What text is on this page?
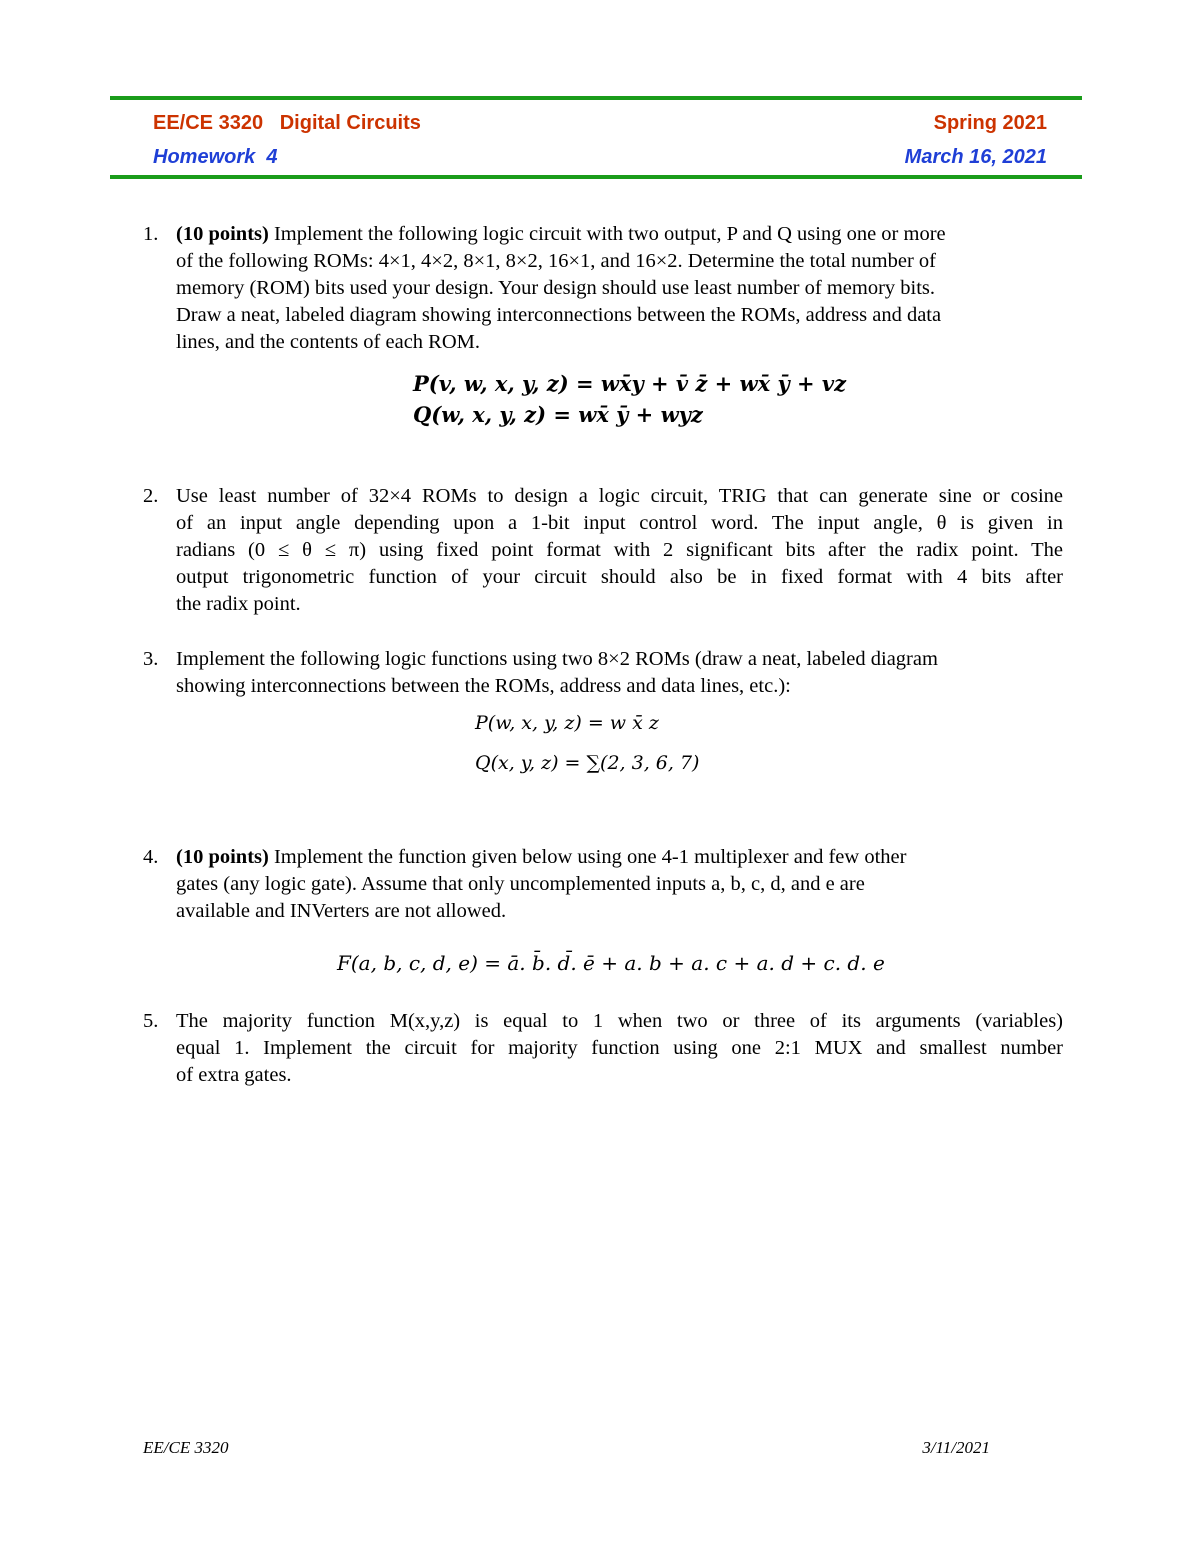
EE/CE 3320   Digital Circuits	Spring 2021
Homework  4	March 16, 2021
1. (10 points) Implement the following logic circuit with two output, P and Q using one or more
of the following ROMs: 4×1, 4×2, 8×1, 8×2, 16×1, and 16×2. Determine the total number of
memory (ROM) bits used your design. Your design should use least number of memory bits.
Draw a neat, labeled diagram showing interconnections between the ROMs, address and data
lines, and the contents of each ROM.
P(v, w, x, y, z) = wx̄y + v̄ z̄ + wx̄ ȳ + vz
Q(w, x, y, z) = wx̄ ȳ + wyz
2. Use least number of 32×4 ROMs to design a logic circuit, TRIG that can generate sine or cosine
of an input angle depending upon a 1-bit input control word. The input angle, θ is given in
radians (0 ≤ θ ≤ π) using fixed point format with 2 significant bits after the radix point. The
output trigonometric function of your circuit should also be in fixed format with 4 bits after
the radix point.
3. Implement the following logic functions using two 8×2 ROMs (draw a neat, labeled diagram
showing interconnections between the ROMs, address and data lines, etc.):
P(w, x, y, z) = w x̄ z
Q(x, y, z) = ∑(2, 3, 6, 7)
4. (10 points) Implement the function given below using one 4-1 multiplexer and few other
gates (any logic gate). Assume that only uncomplemented inputs a, b, c, d, and e are
available and INVerters are not allowed.
F(a, b, c, d, e) = ā. b̄. d̄. ē + a. b + a. c + a. d + c. d. e
5. The majority function M(x,y,z) is equal to 1 when two or three of its arguments (variables)
equal 1. Implement the circuit for majority function using one 2:1 MUX and smallest number
of extra gates.
EE/CE 3320	3/11/2021
